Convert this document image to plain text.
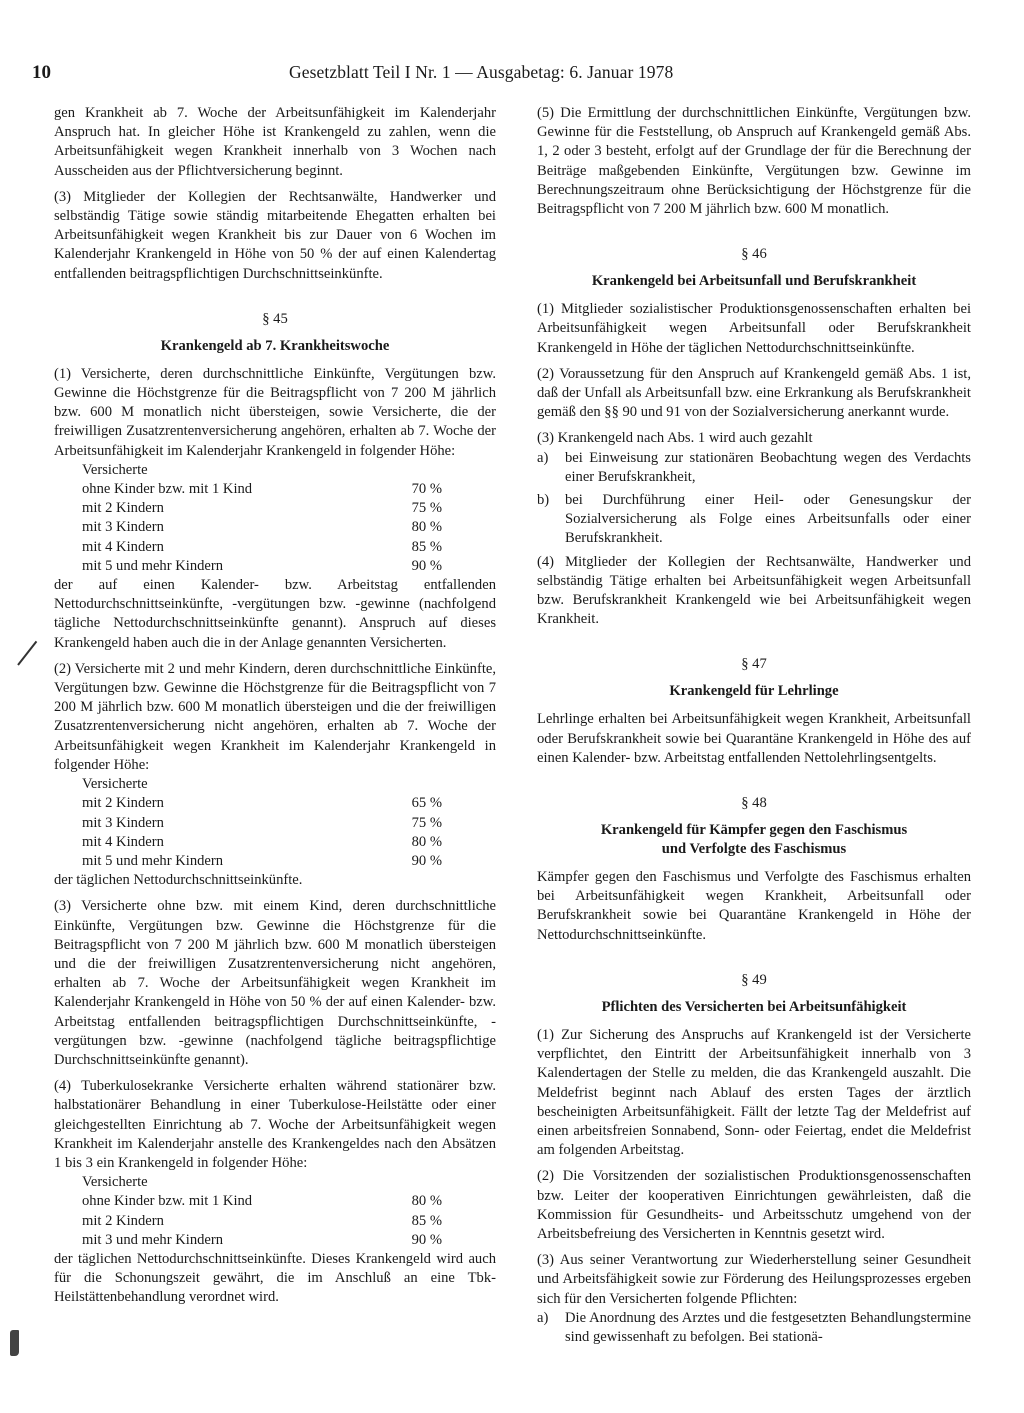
10	Gesetzblatt Teil I Nr. 1 — Ausgabetag: 6. Januar 1978

gen Krankheit ab 7. Woche der Arbeitsunfähigkeit im Kalenderjahr Anspruch hat. In gleicher Höhe ist Krankengeld zu zahlen, wenn die Arbeitsunfähigkeit wegen Krankheit innerhalb von 3 Wochen nach Ausscheiden aus der Pflichtversicherung beginnt.

(3) Mitglieder der Kollegien der Rechtsanwälte, Handwerker und selbständig Tätige sowie ständig mitarbeitende Ehegatten erhalten bei Arbeitsunfähigkeit wegen Krankheit bis zur Dauer von 6 Wochen im Kalenderjahr Krankengeld in Höhe von 50 % der auf einen Kalendertag entfallenden beitragspflichtigen Durchschnittseinkünfte.

§ 45
Krankengeld ab 7. Krankheitswoche

(1) Versicherte, deren durchschnittliche Einkünfte, Vergütungen bzw. Gewinne die Höchstgrenze für die Beitragspflicht von 7 200 M jährlich bzw. 600 M monatlich nicht übersteigen, sowie Versicherte, die der freiwilligen Zusatzrentenversicherung angehören, erhalten ab 7. Woche der Arbeitsunfähigkeit im Kalenderjahr Krankengeld in folgender Höhe:

Versicherte
ohne Kinder bzw. mit 1 Kind	70 %
mit 2 Kindern	75 %
mit 3 Kindern	80 %
mit 4 Kindern	85 %
mit 5 und mehr Kindern	90 %

der auf einen Kalender- bzw. Arbeitstag entfallenden Nettodurchschnittseinkünfte, -vergütungen bzw. -gewinne (nachfolgend tägliche Nettodurchschnittseinkünfte genannt). Anspruch auf dieses Krankengeld haben auch die in der Anlage genannten Versicherten.

(2) Versicherte mit 2 und mehr Kindern, deren durchschnittliche Einkünfte, Vergütungen bzw. Gewinne die Höchstgrenze für die Beitragspflicht von 7 200 M jährlich bzw. 600 M monatlich übersteigen und die der freiwilligen Zusatzrentenversicherung nicht angehören, erhalten ab 7. Woche der Arbeitsunfähigkeit wegen Krankheit im Kalenderjahr Krankengeld in folgender Höhe:

Versicherte
mit 2 Kindern	65 %
mit 3 Kindern	75 %
mit 4 Kindern	80 %
mit 5 und mehr Kindern	90 %

der täglichen Nettodurchschnittseinkünfte.

(3) Versicherte ohne bzw. mit einem Kind, deren durchschnittliche Einkünfte, Vergütungen bzw. Gewinne die Höchstgrenze für die Beitragspflicht von 7 200 M jährlich bzw. 600 M monatlich übersteigen und die der freiwilligen Zusatzrentenversicherung nicht angehören, erhalten ab 7. Woche der Arbeitsunfähigkeit wegen Krankheit im Kalenderjahr Krankengeld in Höhe von 50 % der auf einen Kalender- bzw. Arbeitstag entfallenden beitragspflichtigen Durchschnittseinkünfte, -vergütungen bzw. -gewinne (nachfolgend tägliche beitragspflichtige Durchschnittseinkünfte genannt).

(4) Tuberkulosekranke Versicherte erhalten während stationärer bzw. halbstationärer Behandlung in einer Tuberkulose-Heilstätte oder einer gleichgestellten Einrichtung ab 7. Woche der Arbeitsunfähigkeit wegen Krankheit im Kalenderjahr anstelle des Krankengeldes nach den Absätzen 1 bis 3 ein Krankengeld in folgender Höhe:

Versicherte
ohne Kinder bzw. mit 1 Kind	80 %
mit 2 Kindern	85 %
mit 3 und mehr Kindern	90 %

der täglichen Nettodurchschnittseinkünfte. Dieses Krankengeld wird auch für die Schonungszeit gewährt, die im Anschluß an eine Tbk-Heilstättenbehandlung verordnet wird.

(5) Die Ermittlung der durchschnittlichen Einkünfte, Vergütungen bzw. Gewinne für die Feststellung, ob Anspruch auf Krankengeld gemäß Abs. 1, 2 oder 3 besteht, erfolgt auf der Grundlage der für die Berechnung der Beiträge maßgebenden Einkünfte, Vergütungen bzw. Gewinne im Berechnungszeitraum ohne Berücksichtigung der Höchstgrenze für die Beitragspflicht von 7 200 M jährlich bzw. 600 M monatlich.

§ 46
Krankengeld bei Arbeitsunfall und Berufskrankheit

(1) Mitglieder sozialistischer Produktionsgenossenschaften erhalten bei Arbeitsunfähigkeit wegen Arbeitsunfall oder Berufskrankheit Krankengeld in Höhe der täglichen Nettodurchschnittseinkünfte.

(2) Voraussetzung für den Anspruch auf Krankengeld gemäß Abs. 1 ist, daß der Unfall als Arbeitsunfall bzw. eine Erkrankung als Berufskrankheit gemäß den §§ 90 und 91 von der Sozialversicherung anerkannt wurde.

(3) Krankengeld nach Abs. 1 wird auch gezahlt

a)	bei Einweisung zur stationären Beobachtung wegen des Verdachts einer Berufskrankheit,
b)	bei Durchführung einer Heil- oder Genesungskur der Sozialversicherung als Folge eines Arbeitsunfalls oder einer Berufskrankheit.

(4) Mitglieder der Kollegien der Rechtsanwälte, Handwerker und selbständig Tätige erhalten bei Arbeitsunfähigkeit wegen Arbeitsunfall bzw. Berufskrankheit Krankengeld wie bei Arbeitsunfähigkeit wegen Krankheit.

§ 47
Krankengeld für Lehrlinge

Lehrlinge erhalten bei Arbeitsunfähigkeit wegen Krankheit, Arbeitsunfall oder Berufskrankheit sowie bei Quarantäne Krankengeld in Höhe des auf einen Kalender- bzw. Arbeitstag entfallenden Nettolehrlingsentgelts.

§ 48
Krankengeld für Kämpfer gegen den Faschismus
und Verfolgte des Faschismus

Kämpfer gegen den Faschismus und Verfolgte des Faschismus erhalten bei Arbeitsunfähigkeit wegen Krankheit, Arbeitsunfall oder Berufskrankheit sowie bei Quarantäne Krankengeld in Höhe der Nettodurchschnittseinkünfte.

§ 49
Pflichten des Versicherten bei Arbeitsunfähigkeit

(1) Zur Sicherung des Anspruchs auf Krankengeld ist der Versicherte verpflichtet, den Eintritt der Arbeitsunfähigkeit innerhalb von 3 Kalendertagen der Stelle zu melden, die das Krankengeld auszahlt. Die Meldefrist beginnt nach Ablauf des ersten Tages der ärztlich bescheinigten Arbeitsunfähigkeit. Fällt der letzte Tag der Meldefrist auf einen arbeitsfreien Sonnabend, Sonn- oder Feiertag, endet die Meldefrist am folgenden Arbeitstag.

(2) Die Vorsitzenden der sozialistischen Produktionsgenossenschaften bzw. Leiter der kooperativen Einrichtungen gewährleisten, daß die Kommission für Gesundheits- und Arbeitsschutz umgehend von der Arbeitsbefreiung des Versicherten in Kenntnis gesetzt wird.

(3) Aus seiner Verantwortung zur Wiederherstellung seiner Gesundheit und Arbeitsfähigkeit sowie zur Förderung des Heilungsprozesses ergeben sich für den Versicherten folgende Pflichten:

a)	Die Anordnung des Arztes und die festgesetzten Behandlungstermine sind gewissenhaft zu befolgen. Bei stationä-
